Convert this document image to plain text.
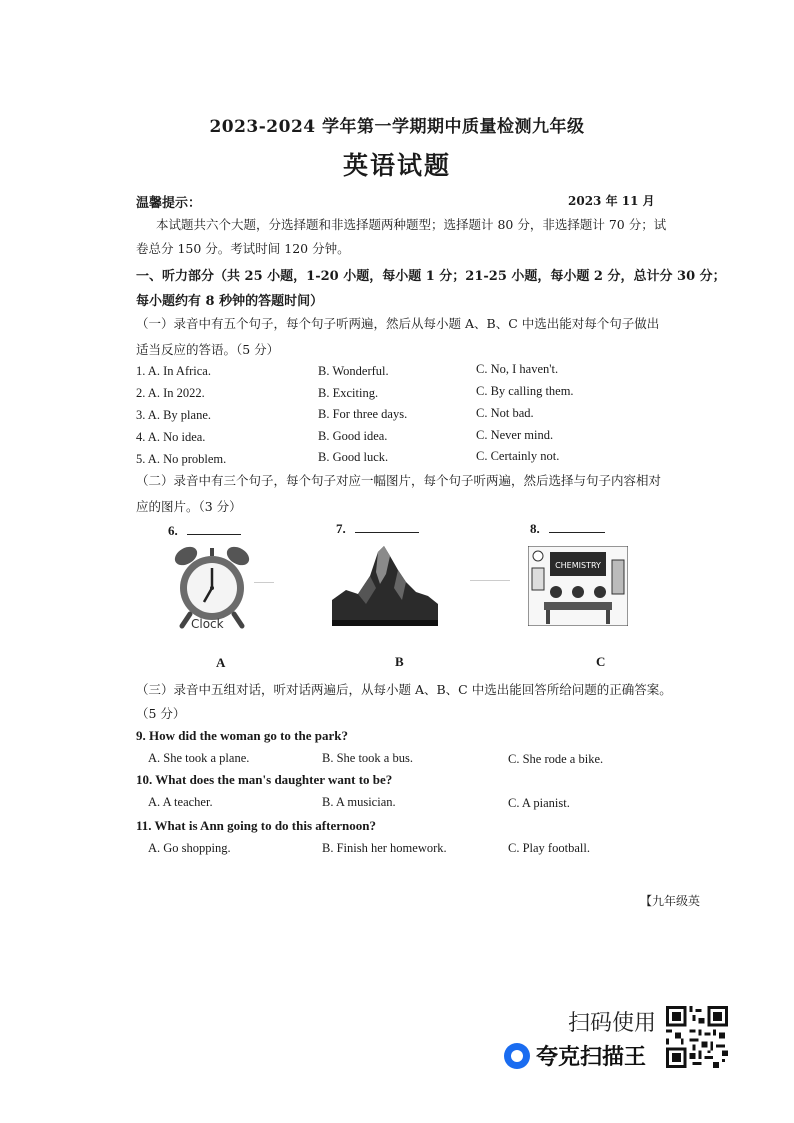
2023-2024 学年第一学期期中质量检测九年级
英语试题
温馨提示：	2023 年 11 月
本试题共六个大题，分选择题和非选择题两种题型；选择题计 80 分，非选择题计 70 分；试
卷总分 150 分。考试时间 120 分钟。
一、听力部分（共 25 小题，1-20 小题，每小题 1 分；21-25 小题，每小题 2 分，总计分 30 分；
每小题约有 8 秒钟的答题时间）
（一）录音中有五个句子，每个句子听两遍，然后从每小题 A、B、C 中选出能对每个句子做出
适当反应的答语。（5 分）
1. A. In Africa.	B. Wonderful.	C. No, I haven't.
2. A. In 2022.	B. Exciting.	C. By calling them.
3. A. By plane.	B. For three days.	C. Not bad.
4. A. No idea.	B. Good idea.	C. Never mind.
5. A. No problem.	B. Good luck.	C. Certainly not.
（二）录音中有三个句子，每个句子对应一幅图片，每个句子听两遍，然后选择与句子内容相对
应的图片。（3 分）
6.	7.	8.
Clock
CHEMISTRY
A	B	C
（三）录音中五组对话，听对话两遍后，从每小题 A、B、C 中选出能回答所给问题的正确答案。
（5 分）
9. How did the woman go to the park?
A. She took a plane.	B. She took a bus.	C. She rode a bike.
10. What does the man's daughter want to be?
A. A teacher.	B. A musician.	C. A pianist.
11. What is Ann going to do this afternoon?
A. Go shopping.	B. Finish her homework.	C. Play football.
【九年级英
扫码使用
夸克扫描王
